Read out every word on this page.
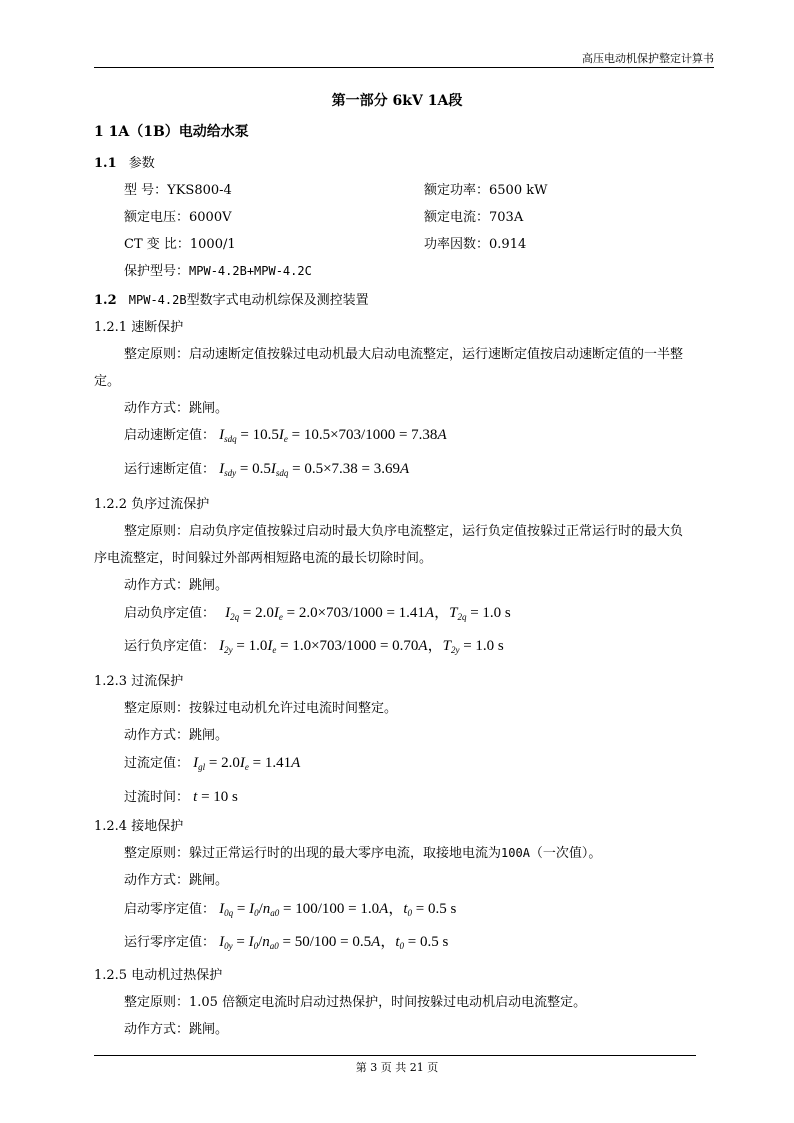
高压电动机保护整定计算书
第一部分 6kV 1A段
1 1A（1B）电动给水泵
1.1 参数
型 号：YKS800-4	额定功率：6500 kW
额定电压：6000V	额定电流：703A
CT 变 比：1000/1	功率因数：0.914
保护型号：MPW-4.2B+MPW-4.2C
1.2 MPW-4.2B型数字式电动机综保及测控装置
1.2.1 速断保护
整定原则：启动速断定值按躲过电动机最大启动电流整定，运行速断定值按启动速断定值的一半整
定。
动作方式：跳闸。
启动速断定值： $I_{sdq} = 10.5I_e = 10.5\times 703/1000 = 7.38A$
运行速断定值： $I_{sdy} = 0.5I_{sdq} = 0.5\times 7.38 = 3.69A$
1.2.2 负序过流保护
整定原则：启动负序定值按躲过启动时最大负序电流整定，运行负定值按躲过正常运行时的最大负
序电流整定，时间躲过外部两相短路电流的最长切除时间。
动作方式：跳闸。
启动负序定值： $I_{2q} = 2.0I_e = 2.0\times 703/1000 = 1.41A$，$T_{2q} = 1.0$ s
运行负序定值： $I_{2y} = 1.0I_e = 1.0\times 703/1000 = 0.70A$，$T_{2y} = 1.0$ s
1.2.3 过流保护
整定原则：按躲过电动机允许过电流时间整定。
动作方式：跳闸。
过流定值： $I_{gl} = 2.0I_e = 1.41A$
过流时间： t = 10 s
1.2.4 接地保护
整定原则：躲过正常运行时的出现的最大零序电流，取接地电流为100A（一次值）。
动作方式：跳闸。
启动零序定值： $I_{0q} = I_0/n_{a0} = 100/100 = 1.0A$，$t_0 = 0.5$ s
运行零序定值： $I_{0y} = I_0/n_{a0} = 50/100 = 0.5A$，$t_0 = 0.5$ s
1.2.5 电动机过热保护
整定原则：1.05 倍额定电流时启动过热保护，时间按躲过电动机启动电流整定。
动作方式：跳闸。
第 3 页 共 21 页
